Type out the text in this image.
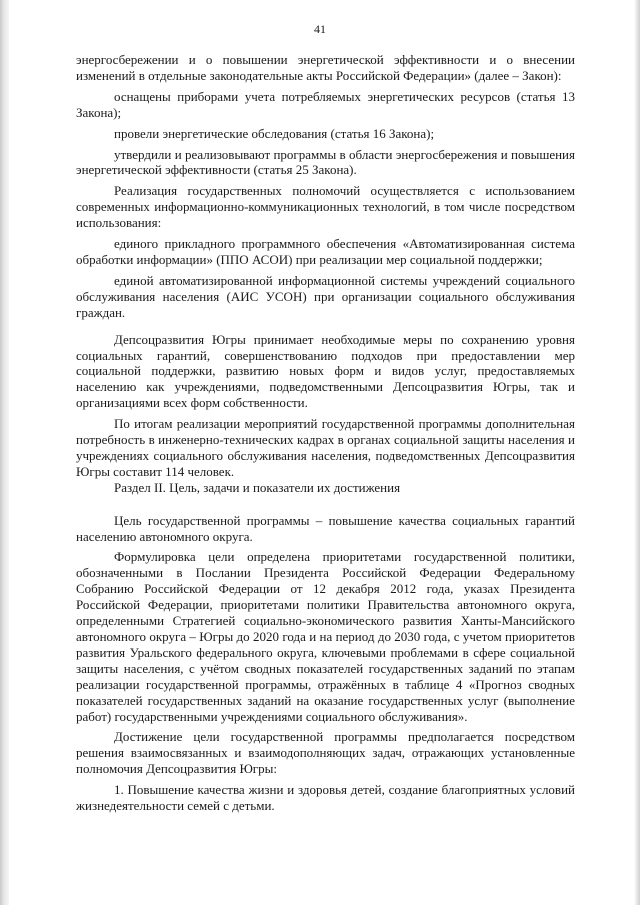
41

энергосбережении и о повышении энергетической эффективности и о внесении изменений в отдельные законодательные акты Российской Федерации» (далее – Закон):

оснащены приборами учета потребляемых энергетических ресурсов (статья 13 Закона);

провели энергетические обследования (статья 16 Закона);

утвердили и реализовывают программы в области энергосбережения и повышения энергетической эффективности (статья 25 Закона).

Реализация государственных полномочий осуществляется с использованием современных информационно-коммуникационных технологий, в том числе посредством использования:

единого прикладного программного обеспечения «Автоматизированная система обработки информации» (ППО АСОИ) при реализации мер социальной поддержки;

единой автоматизированной информационной системы учреждений социального обслуживания населения (АИС УСОН) при организации социального обслуживания граждан.

Депсоцразвития Югры принимает необходимые меры по сохранению уровня социальных гарантий, совершенствованию подходов при предоставлении мер социальной поддержки, развитию новых форм и видов услуг, предоставляемых населению как учреждениями, подведомственными Депсоцразвития Югры, так и организациями всех форм собственности.

По итогам реализации мероприятий государственной программы дополнительная потребность в инженерно-технических кадрах в органах социальной защиты населения и учреждениях социального обслуживания населения, подведомственных Депсоцразвития Югры составит 114 человек.

Раздел II. Цель, задачи и показатели их достижения

Цель государственной программы – повышение качества социальных гарантий населению автономного округа.

Формулировка цели определена приоритетами государственной политики, обозначенными в Послании Президента Российской Федерации Федеральному Собранию Российской Федерации от 12 декабря 2012 года, указах Президента Российской Федерации, приоритетами политики Правительства автономного округа, определенными Стратегией социально-экономического развития Ханты-Мансийского автономного округа – Югры до 2020 года и на период до 2030 года, с учетом приоритетов развития Уральского федерального округа, ключевыми проблемами в сфере социальной защиты населения, с учётом сводных показателей государственных заданий по этапам реализации государственной программы, отражённых в таблице 4 «Прогноз сводных показателей государственных заданий на оказание государственных услуг (выполнение работ) государственными учреждениями социального обслуживания».

Достижение цели государственной программы предполагается посредством решения взаимосвязанных и взаимодополняющих задач, отражающих установленные полномочия Депсоцразвития Югры:

1. Повышение качества жизни и здоровья детей, создание благоприятных условий жизнедеятельности семей с детьми.
